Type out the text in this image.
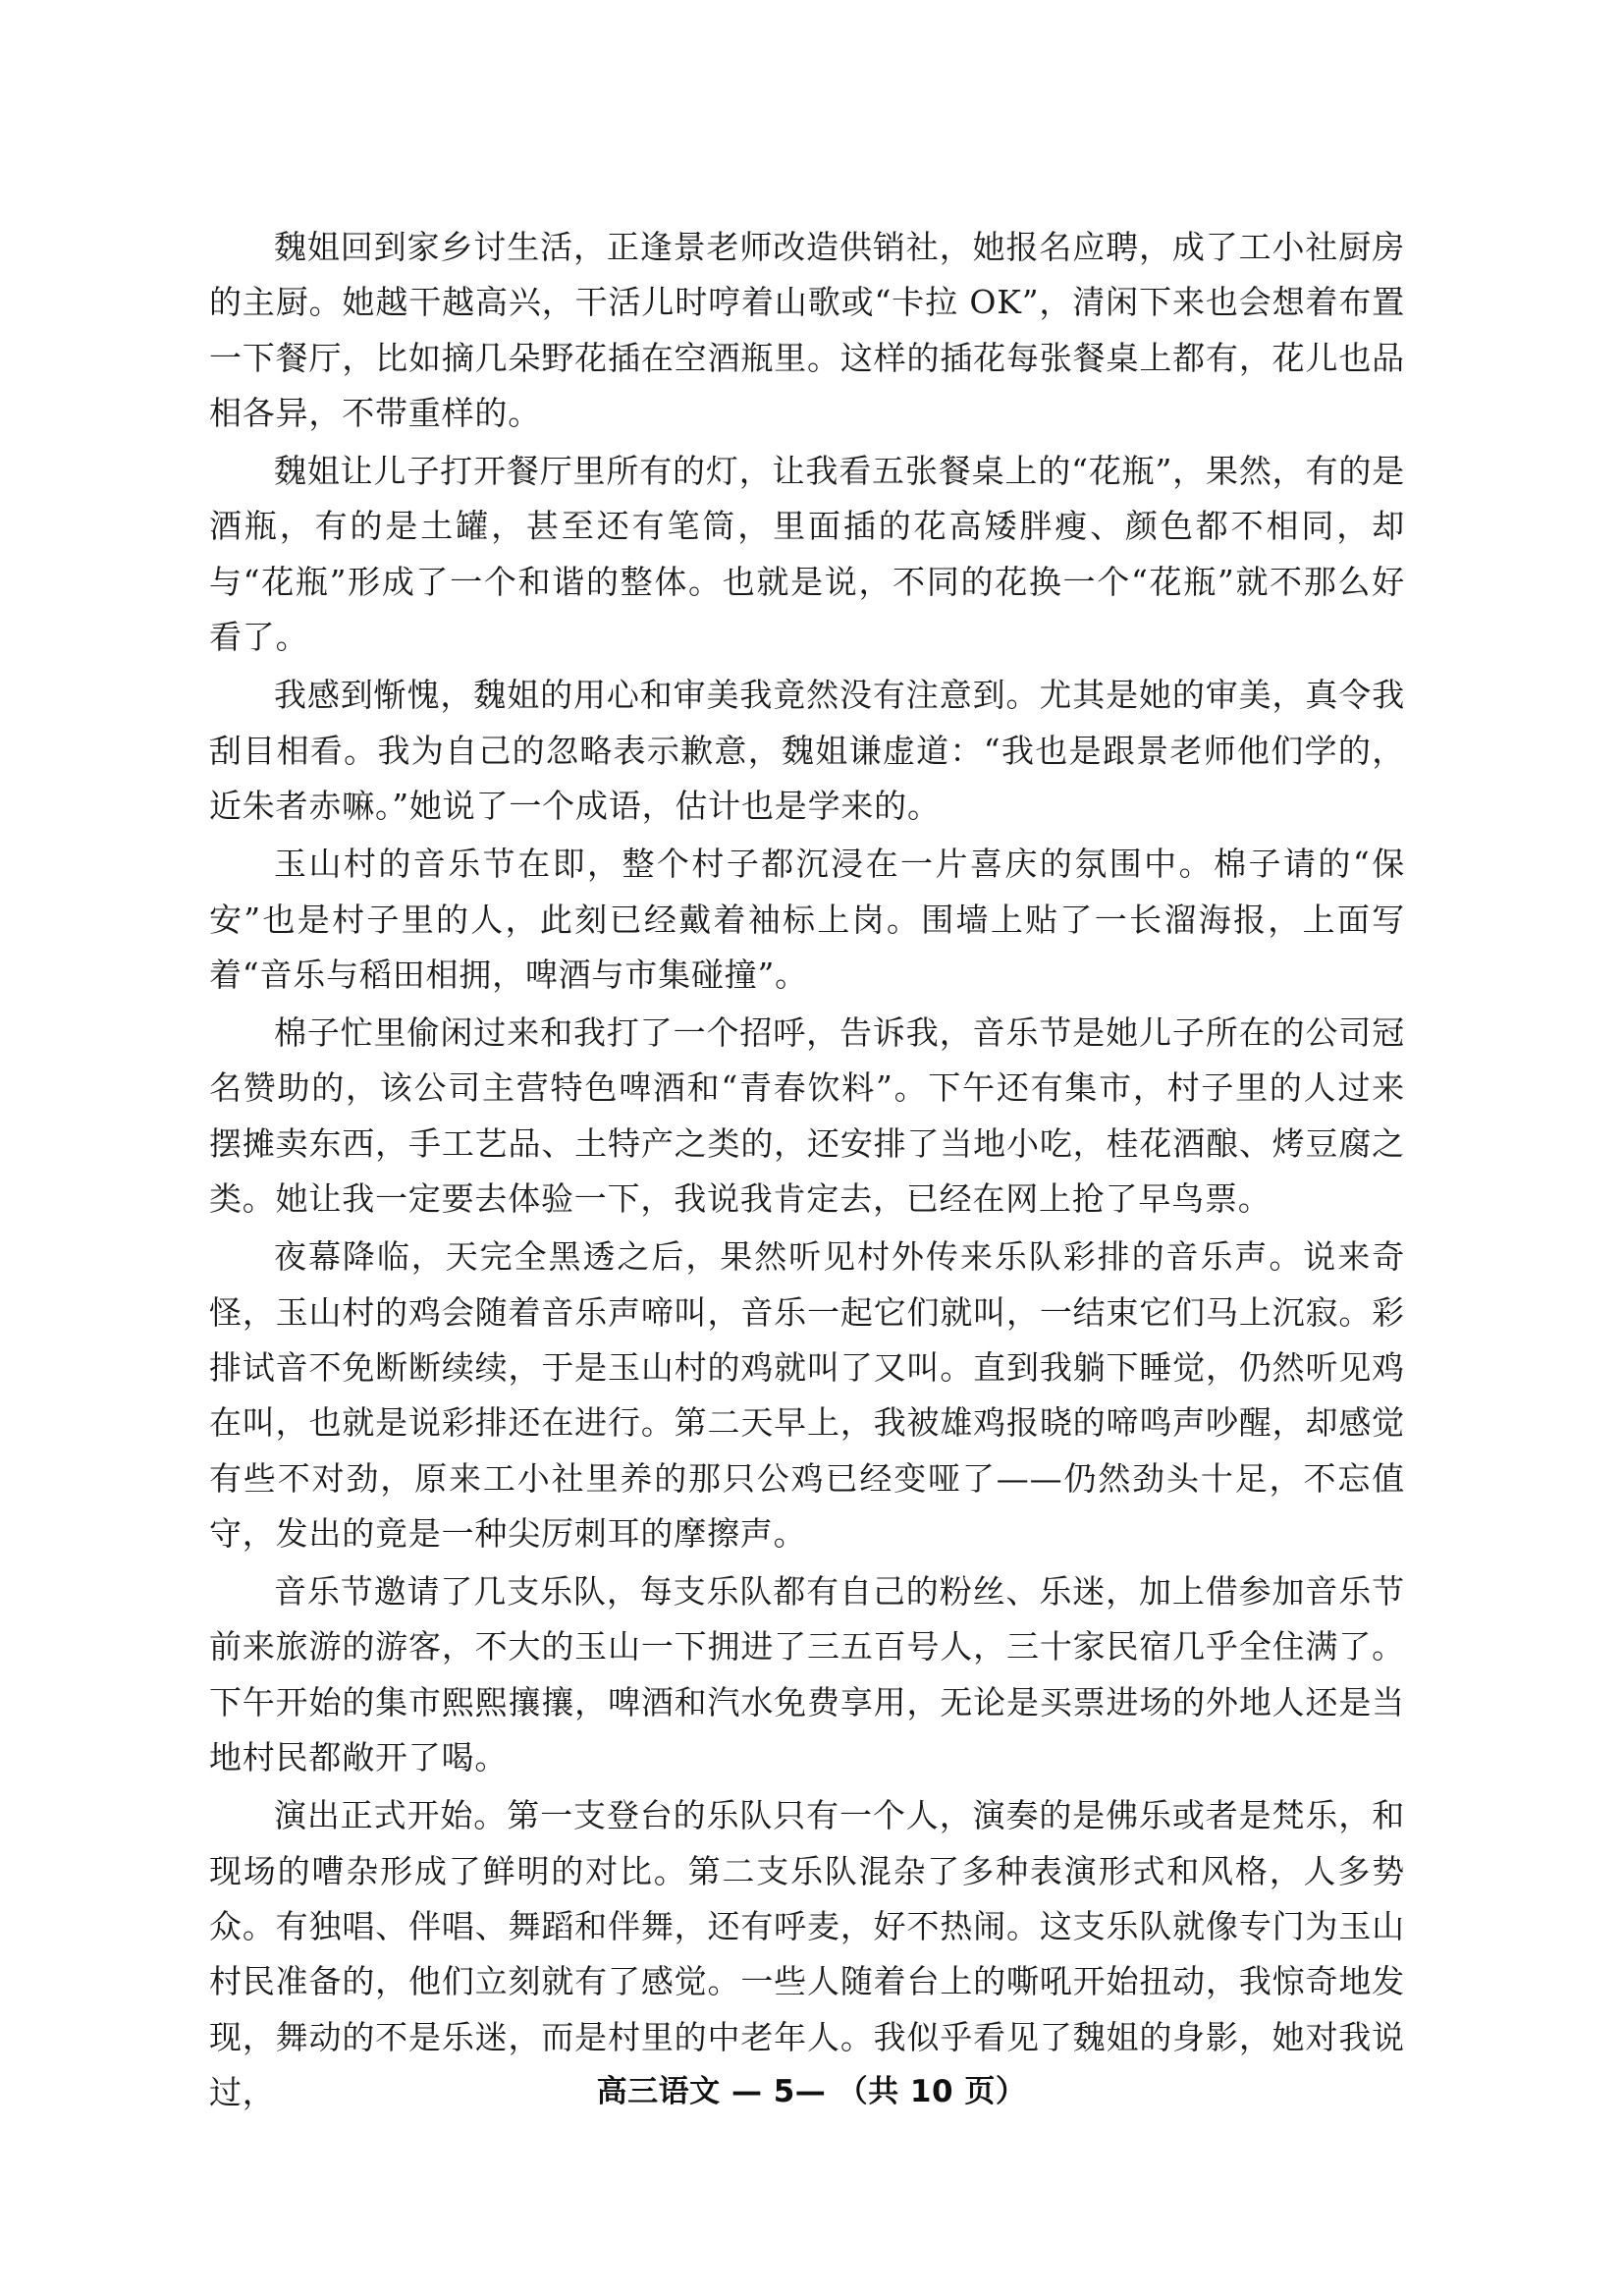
魏姐回到家乡讨生活，正逢景老师改造供销社，她报名应聘，成了工小社厨房的主厨。她越干越高兴，干活儿时哼着山歌或“卡拉 OK”，清闲下来也会想着布置一下餐厅，比如摘几朵野花插在空酒瓶里。这样的插花每张餐桌上都有，花儿也品相各异，不带重样的。

魏姐让儿子打开餐厅里所有的灯，让我看五张餐桌上的“花瓶”，果然，有的是酒瓶，有的是土罐，甚至还有笔筒，里面插的花高矮胖瘦、颜色都不相同，却与“花瓶”形成了一个和谐的整体。也就是说，不同的花换一个“花瓶”就不那么好看了。

我感到惭愧，魏姐的用心和审美我竟然没有注意到。尤其是她的审美，真令我刮目相看。我为自己的忽略表示歉意，魏姐谦虚道：“我也是跟景老师他们学的，近朱者赤嘛。”她说了一个成语，估计也是学来的。

玉山村的音乐节在即，整个村子都沉浸在一片喜庆的氛围中。棉子请的“保安”也是村子里的人，此刻已经戴着袖标上岗。围墙上贴了一长溜海报，上面写着“音乐与稻田相拥，啤酒与市集碰撞”。

棉子忙里偷闲过来和我打了一个招呼，告诉我，音乐节是她儿子所在的公司冠名赞助的，该公司主营特色啤酒和“青春饮料”。下午还有集市，村子里的人过来摆摊卖东西，手工艺品、土特产之类的，还安排了当地小吃，桂花酒酿、烤豆腐之类。她让我一定要去体验一下，我说我肯定去，已经在网上抢了早鸟票。

夜幕降临，天完全黑透之后，果然听见村外传来乐队彩排的音乐声。说来奇怪，玉山村的鸡会随着音乐声啼叫，音乐一起它们就叫，一结束它们马上沉寂。彩排试音不免断断续续，于是玉山村的鸡就叫了又叫。直到我躺下睡觉，仍然听见鸡在叫，也就是说彩排还在进行。第二天早上，我被雄鸡报晓的啼鸣声吵醒，却感觉有些不对劲，原来工小社里养的那只公鸡已经变哑了——仍然劲头十足，不忘值守，发出的竟是一种尖厉刺耳的摩擦声。

音乐节邀请了几支乐队，每支乐队都有自己的粉丝、乐迷，加上借参加音乐节前来旅游的游客，不大的玉山一下拥进了三五百号人，三十家民宿几乎全住满了。下午开始的集市熙熙攘攘，啤酒和汽水免费享用，无论是买票进场的外地人还是当地村民都敞开了喝。

演出正式开始。第一支登台的乐队只有一个人，演奏的是佛乐或者是梵乐，和现场的嘈杂形成了鲜明的对比。第二支乐队混杂了多种表演形式和风格，人多势众。有独唱、伴唱、舞蹈和伴舞，还有呼麦，好不热闹。这支乐队就像专门为玉山村民准备的，他们立刻就有了感觉。一些人随着台上的嘶吼开始扭动，我惊奇地发现，舞动的不是乐迷，而是村里的中老年人。我似乎看见了魏姐的身影，她对我说过，	高三语文 — 5— （共 10 页）
